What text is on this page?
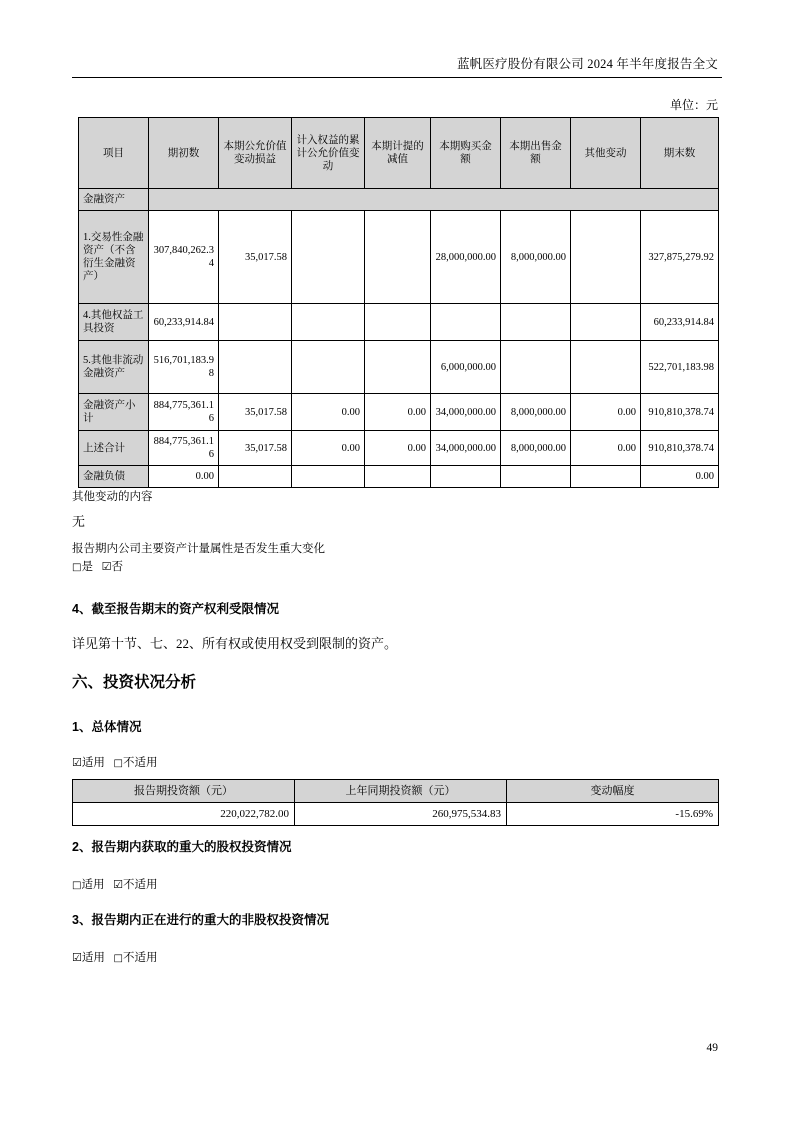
蓝帆医疗股份有限公司 2024 年半年度报告全文
单位：元
项目	期初数	本期公允价值变动损益	计入权益的累计公允价值变动	本期计提的减值	本期购买金额	本期出售金额	其他变动	期末数
金融资产								
1.交易性金融资产（不含衍生金融资产）	307,840,262.34	35,017.58			28,000,000.00	8,000,000.00		327,875,279.92
4.其他权益工具投资	60,233,914.84							60,233,914.84
5.其他非流动金融资产	516,701,183.98				6,000,000.00			522,701,183.98
金融资产小计	884,775,361.16	35,017.58	0.00	0.00	34,000,000.00	8,000,000.00	0.00	910,810,378.74
上述合计	884,775,361.16	35,017.58	0.00	0.00	34,000,000.00	8,000,000.00	0.00	910,810,378.74
金融负债	0.00							0.00
其他变动的内容
无
报告期内公司主要资产计量属性是否发生重大变化
□是 ☑否
4、截至报告期末的资产权利受限情况
详见第十节、七、22、所有权或使用权受到限制的资产。
六、投资状况分析
1、总体情况
☑适用 □不适用
报告期投资额（元）	上年同期投资额（元）	变动幅度
220,022,782.00	260,975,534.83	-15.69%
2、报告期内获取的重大的股权投资情况
□适用 ☑不适用
3、报告期内正在进行的重大的非股权投资情况
☑适用 □不适用
49
